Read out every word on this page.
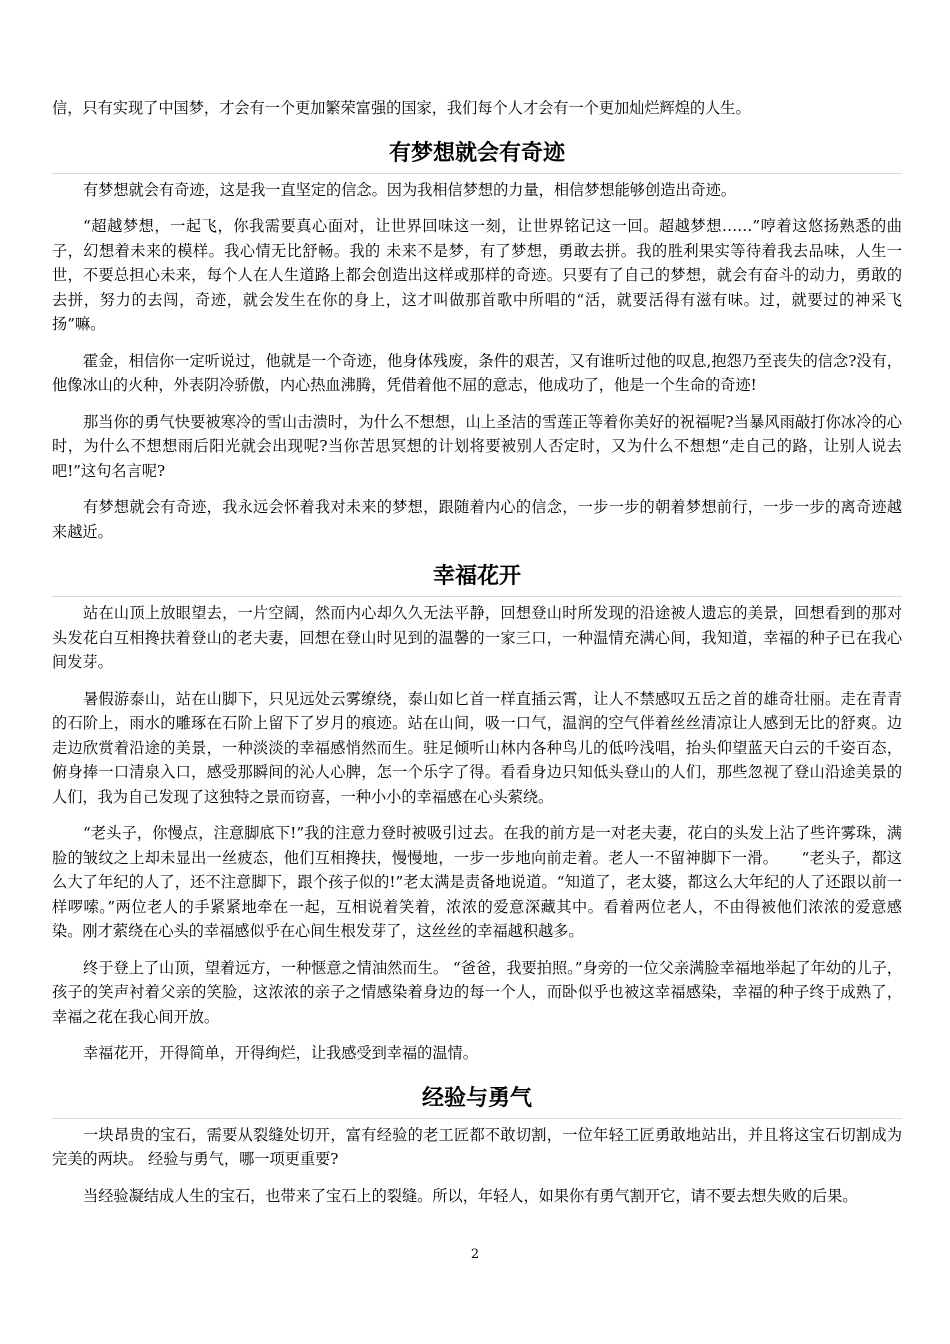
信，只有实现了中国梦，才会有一个更加繁荣富强的国家，我们每个人才会有一个更加灿烂辉煌的人生。

有梦想就会有奇迹

有梦想就会有奇迹，这是我一直坚定的信念。因为我相信梦想的力量，相信梦想能够创造出奇迹。

“超越梦想，一起飞，你我需要真心面对，让世界回味这一刻，让世界铭记这一回。超越梦想……”哼着这悠扬熟悉的曲子，幻想着未来的模样。我心情无比舒畅。我的 未来不是梦，有了梦想，勇敢去拼。我的胜利果实等待着我去品味，人生一世，不要总担心未来，每个人在人生道路上都会创造出这样或那样的奇迹。只要有了自己的梦想，就会有奋斗的动力，勇敢的去拼，努力的去闯，奇迹，就会发生在你的身上，这才叫做那首歌中所唱的“活，就要活得有滋有味。过，就要过的神采飞扬”嘛。

霍金，相信你一定听说过，他就是一个奇迹，他身体残废，条件的艰苦，又有谁听过他的叹息,抱怨乃至丧失的信念?没有，他像冰山的火种，外表阴冷骄傲，内心热血沸腾，凭借着他不屈的意志，他成功了，他是一个生命的奇迹!

那当你的勇气快要被寒冷的雪山击溃时，为什么不想想，山上圣洁的雪莲正等着你美好的祝福呢?当暴风雨敲打你冰冷的心时，为什么不想想雨后阳光就会出现呢?当你苦思冥想的计划将要被别人否定时，又为什么不想想“走自己的路，让别人说去吧!”这句名言呢?

有梦想就会有奇迹，我永远会怀着我对未来的梦想，跟随着内心的信念，一步一步的朝着梦想前行，一步一步的离奇迹越来越近。

幸福花开

站在山顶上放眼望去，一片空阔，然而内心却久久无法平静，回想登山时所发现的沿途被人遗忘的美景，回想看到的那对头发花白互相搀扶着登山的老夫妻，回想在登山时见到的温馨的一家三口，一种温情充满心间，我知道，幸福的种子已在我心间发芽。

暑假游泰山，站在山脚下，只见远处云雾缭绕，泰山如匕首一样直插云霄，让人不禁感叹五岳之首的雄奇壮丽。走在青青的石阶上，雨水的雕琢在石阶上留下了岁月的痕迹。站在山间，吸一口气，温润的空气伴着丝丝清凉让人感到无比的舒爽。边走边欣赏着沿途的美景，一种淡淡的幸福感悄然而生。驻足倾听山林内各种鸟儿的低吟浅唱，抬头仰望蓝天白云的千姿百态，俯身捧一口清泉入口，感受那瞬间的沁人心脾，怎一个乐字了得。看看身边只知低头登山的人们，那些忽视了登山沿途美景的人们，我为自己发现了这独特之景而窃喜，一种小小的幸福感在心头萦绕。

“老头子，你慢点，注意脚底下!”我的注意力登时被吸引过去。在我的前方是一对老夫妻，花白的头发上沾了些许雾珠，满脸的皱纹之上却未显出一丝疲态，他们互相搀扶，慢慢地，一步一步地向前走着。老人一不留神脚下一滑。　　“老头子，都这么大了年纪的人了，还不注意脚下，跟个孩子似的!”老太满是责备地说道。“知道了，老太婆，都这么大年纪的人了还跟以前一样啰嗦。”两位老人的手紧紧地牵在一起，互相说着笑着，浓浓的爱意深藏其中。看着两位老人，不由得被他们浓浓的爱意感染。刚才萦绕在心头的幸福感似乎在心间生根发芽了，这丝丝的幸福越积越多。

终于登上了山顶，望着远方，一种惬意之情油然而生。 “爸爸，我要拍照。”身旁的一位父亲满脸幸福地举起了年幼的儿子，孩子的笑声衬着父亲的笑脸，这浓浓的亲子之情感染着身边的每一个人，而卧似乎也被这幸福感染，幸福的种子终于成熟了，幸福之花在我心间开放。

幸福花开，开得简单，开得绚烂，让我感受到幸福的温情。

经验与勇气

一块昂贵的宝石，需要从裂缝处切开，富有经验的老工匠都不敢切割，一位年轻工匠勇敢地站出，并且将这宝石切割成为完美的两块。 经验与勇气，哪一项更重要?

当经验凝结成人生的宝石，也带来了宝石上的裂缝。所以，年轻人，如果你有勇气割开它，请不要去想失败的后果。

2
